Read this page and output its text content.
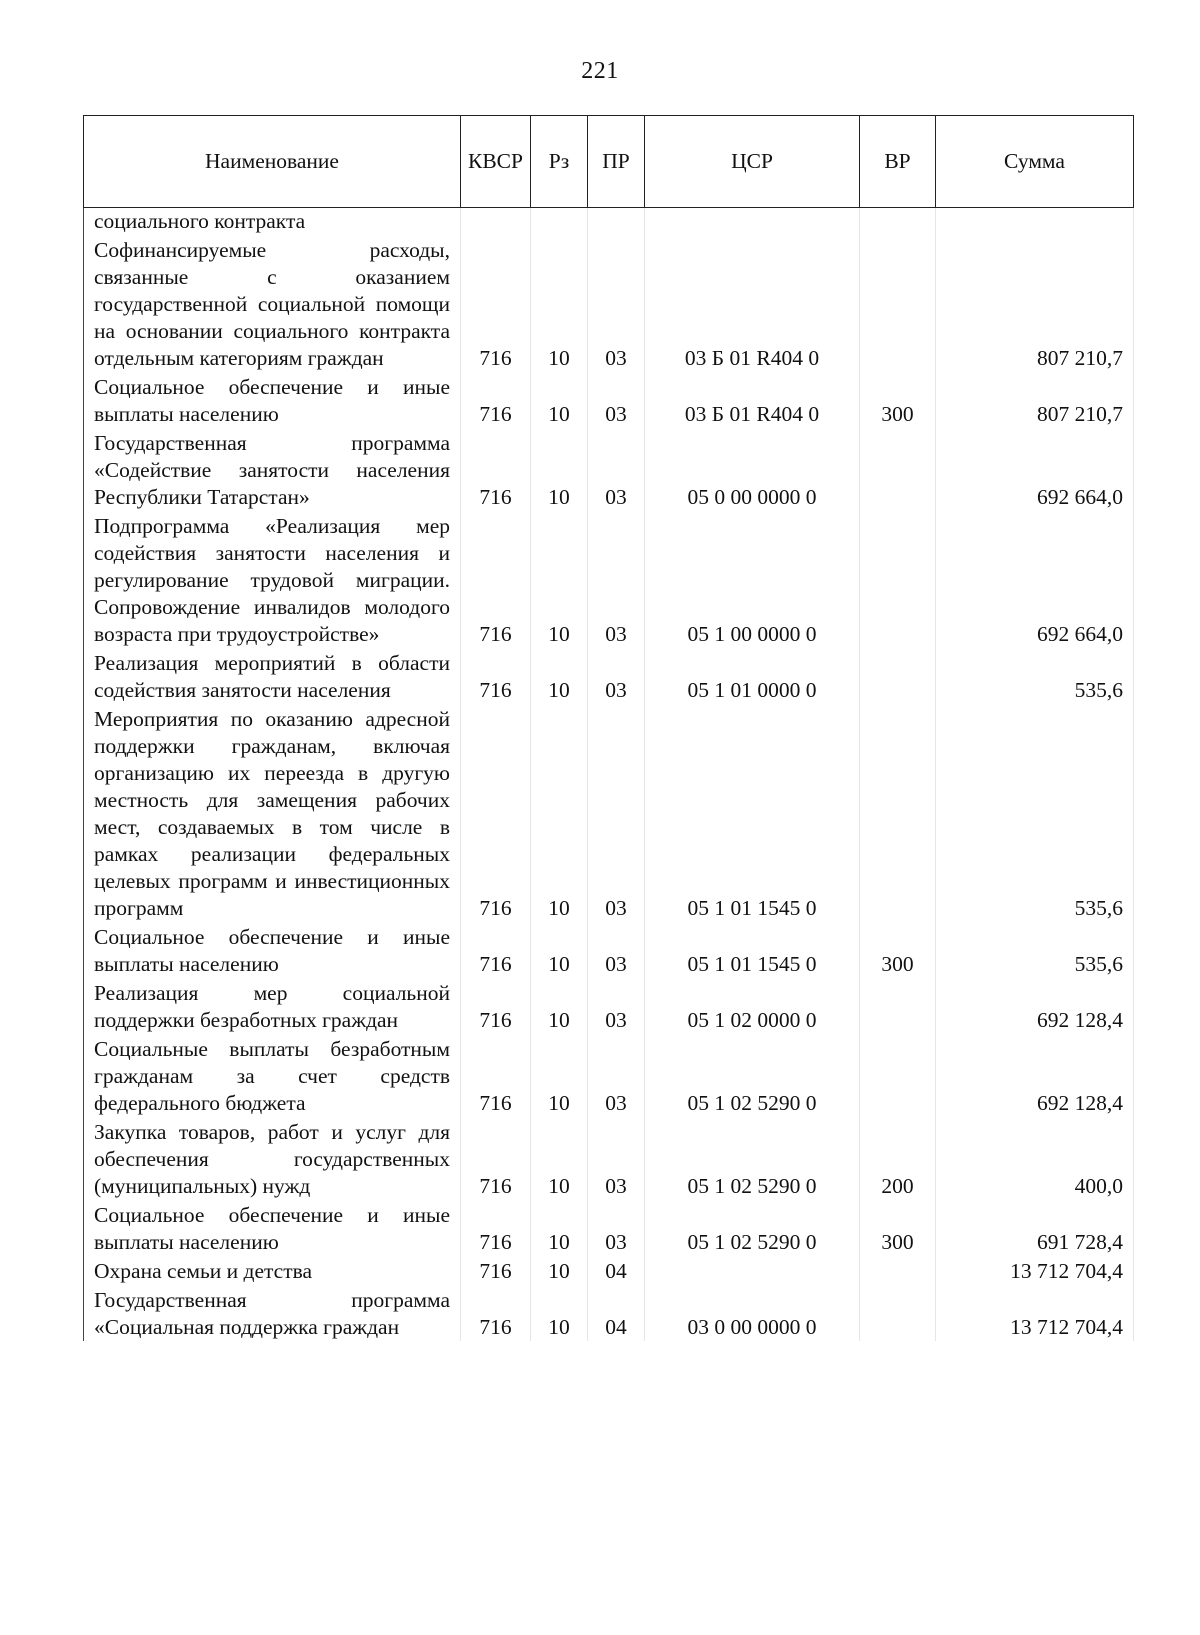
221
Наименование	КВСР	Рз	ПР	ЦСР	ВР	Сумма
социального контракта						
Софинансируемые расходы, связанные с оказанием государственной социальной помощи на основании социального контракта отдельным категориям граждан	716	10	03	03 Б 01 R404 0		807 210,7
Социальное обеспечение и иные выплаты населению	716	10	03	03 Б 01 R404 0	300	807 210,7
Государственная программа «Содействие занятости населения Республики Татарстан»	716	10	03	05 0 00 0000 0		692 664,0
Подпрограмма «Реализация мер содействия занятости населения и регулирование трудовой миграции. Сопровождение инвалидов молодого возраста при трудоустройстве»	716	10	03	05 1 00 0000 0		692 664,0
Реализация мероприятий в области содействия занятости населения	716	10	03	05 1 01 0000 0		535,6
Мероприятия по оказанию адресной поддержки гражданам, включая организацию их переезда в другую местность для замещения рабочих мест, создаваемых в том числе в рамках реализации федеральных целевых программ и инвестиционных программ	716	10	03	05 1 01 1545 0		535,6
Социальное обеспечение и иные выплаты населению	716	10	03	05 1 01 1545 0	300	535,6
Реализация мер социальной поддержки безработных граждан	716	10	03	05 1 02 0000 0		692 128,4
Социальные выплаты безработным гражданам за счет средств федерального бюджета	716	10	03	05 1 02 5290 0		692 128,4
Закупка товаров, работ и услуг для обеспечения государственных (муниципальных) нужд	716	10	03	05 1 02 5290 0	200	400,0
Социальное обеспечение и иные выплаты населению	716	10	03	05 1 02 5290 0	300	691 728,4
Охрана семьи и детства	716	10	04			13 712 704,4
Государственная программа «Социальная поддержка граждан	716	10	04	03 0 00 0000 0		13 712 704,4
